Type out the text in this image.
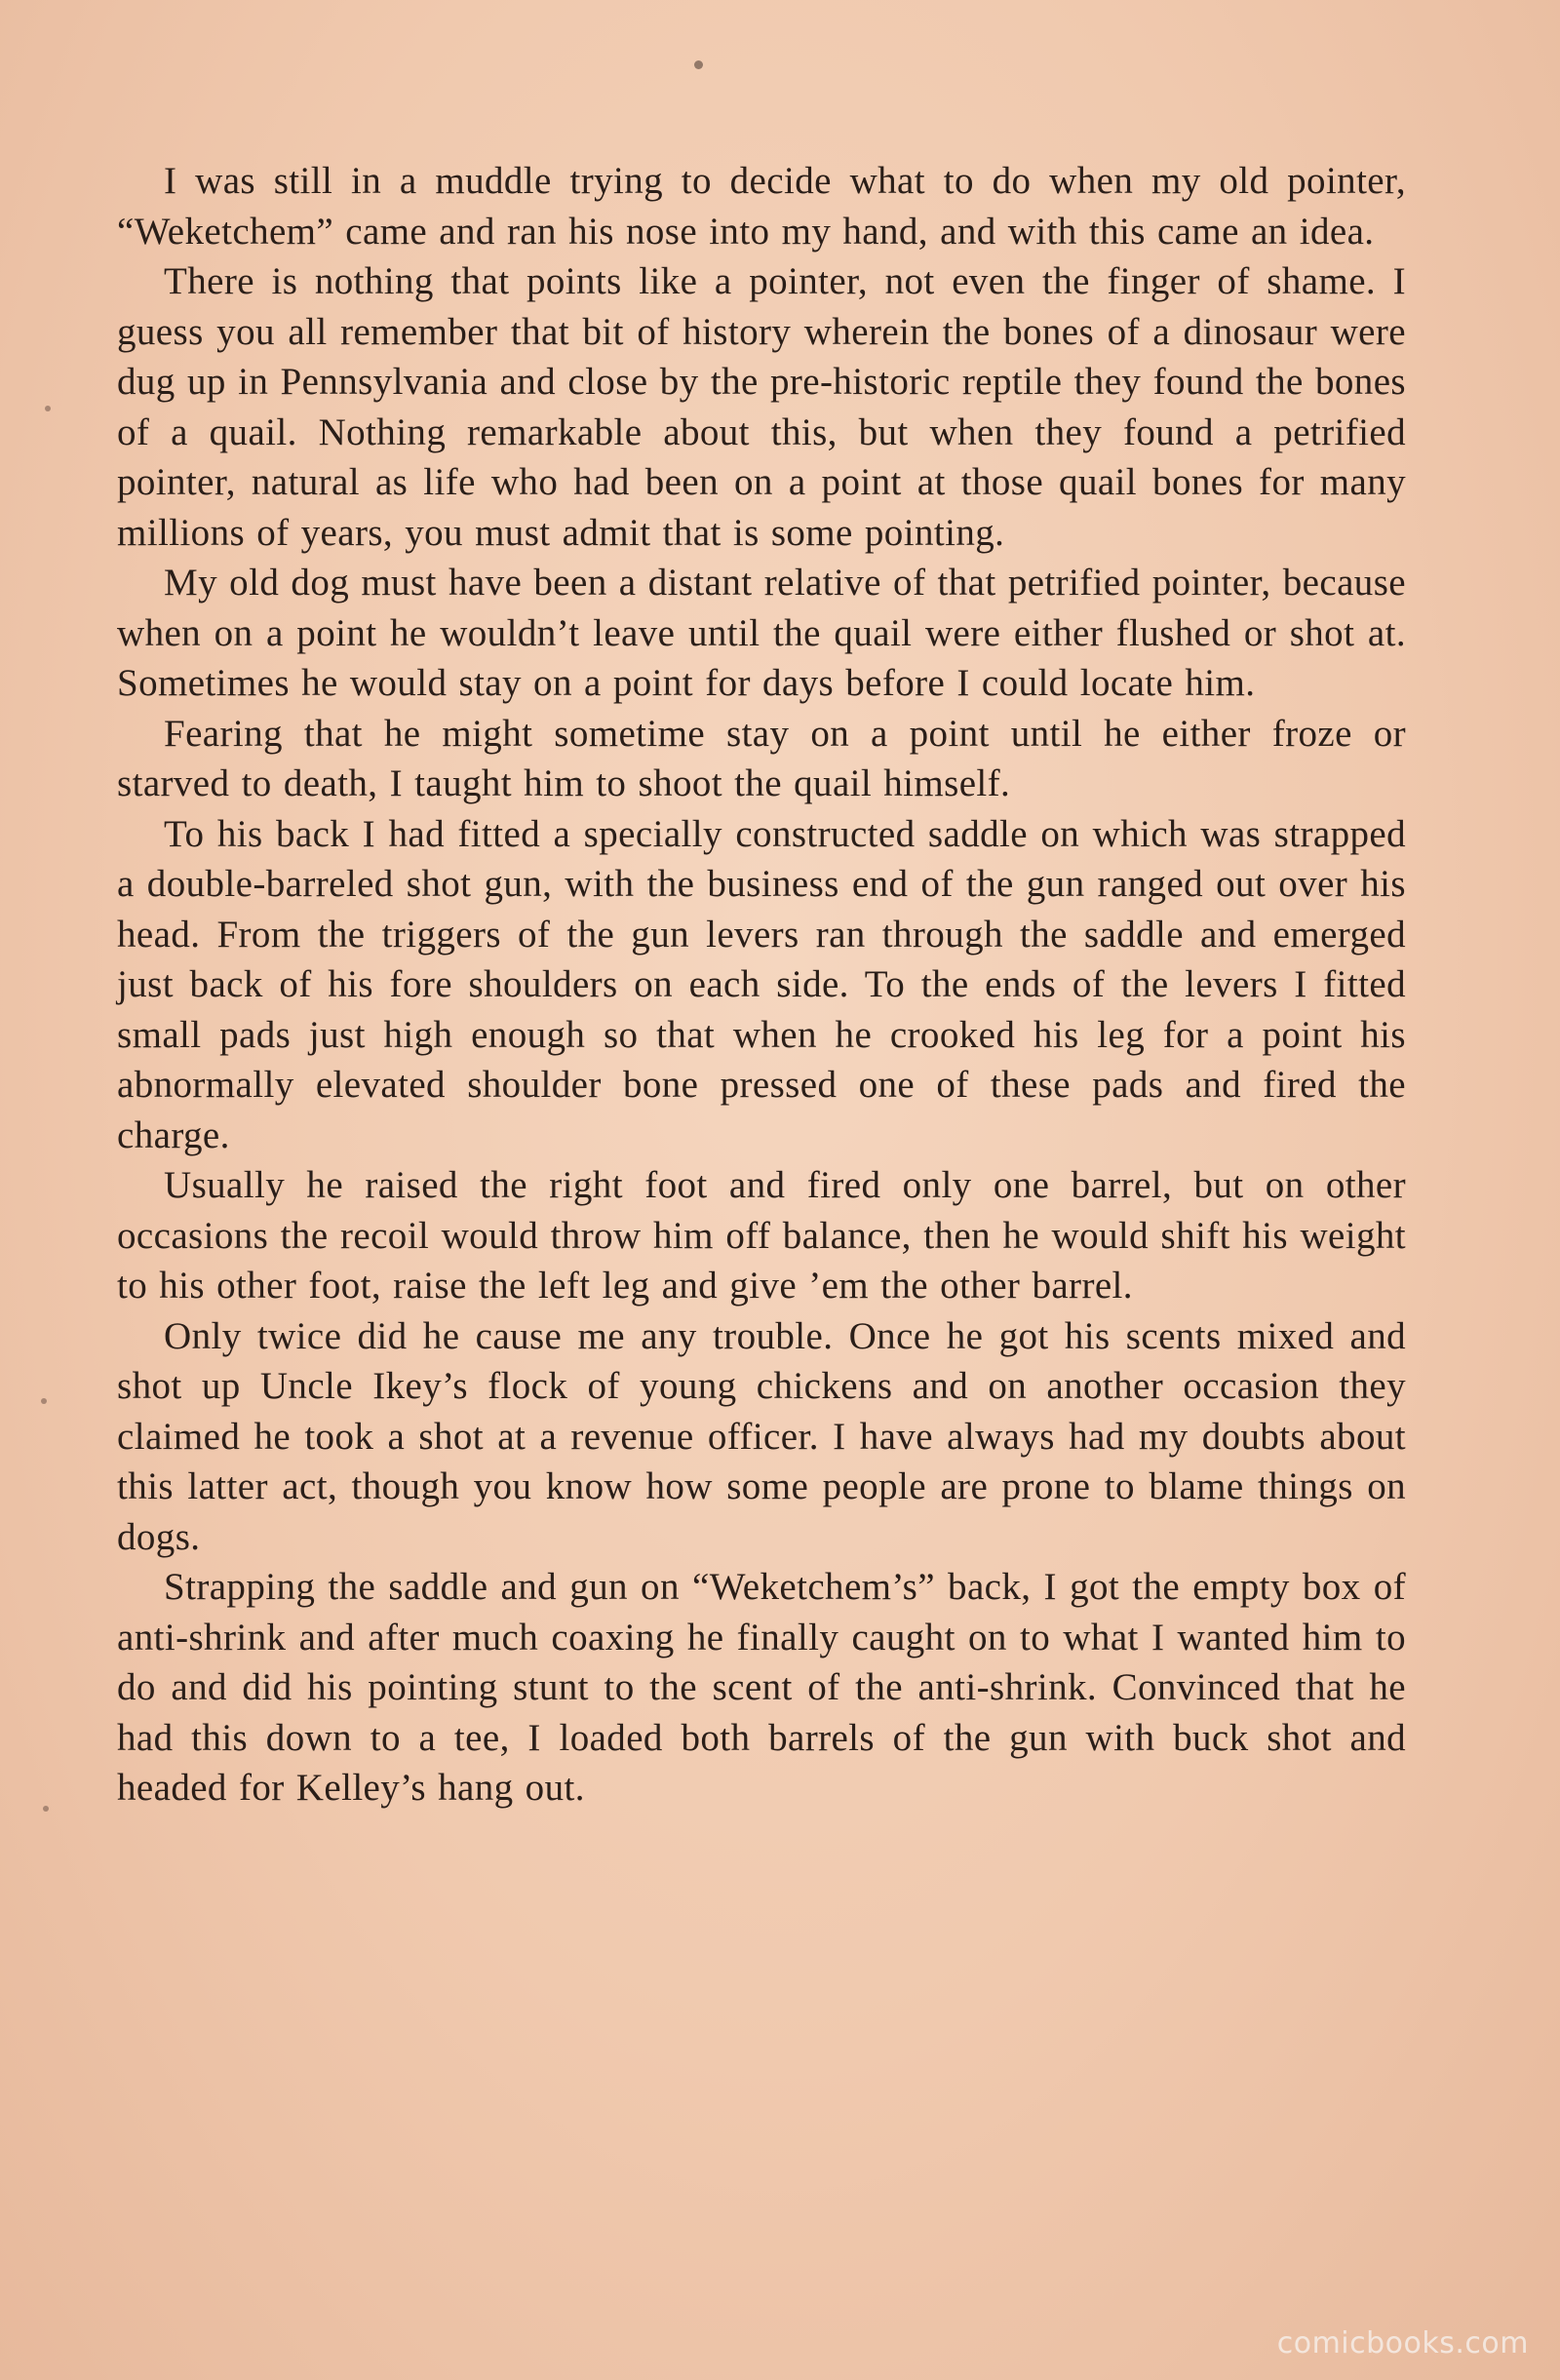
I was still in a muddle trying to decide what to do when my old pointer, “Weketchem” came and ran his nose into my hand, and with this came an idea.

There is nothing that points like a pointer, not even the finger of shame. I guess you all remember that bit of history wherein the bones of a dinosaur were dug up in Pennsylvania and close by the pre-historic reptile they found the bones of a quail. Nothing remarkable about this, but when they found a petrified pointer, natural as life who had been on a point at those quail bones for many millions of years, you must admit that is some pointing.

My old dog must have been a distant relative of that petrified pointer, because when on a point he wouldn’t leave until the quail were either flushed or shot at. Sometimes he would stay on a point for days before I could locate him.

Fearing that he might sometime stay on a point until he either froze or starved to death, I taught him to shoot the quail himself.

To his back I had fitted a specially constructed saddle on which was strapped a double-barreled shot gun, with the business end of the gun ranged out over his head. From the triggers of the gun levers ran through the saddle and emerged just back of his fore shoulders on each side. To the ends of the levers I fitted small pads just high enough so that when he crooked his leg for a point his abnormally elevated shoulder bone pressed one of these pads and fired the charge.

Usually he raised the right foot and fired only one barrel, but on other occasions the recoil would throw him off balance, then he would shift his weight to his other foot, raise the left leg and give ’em the other barrel.

Only twice did he cause me any trouble. Once he got his scents mixed and shot up Uncle Ikey’s flock of young chickens and on another occasion they claimed he took a shot at a revenue officer. I have always had my doubts about this latter act, though you know how some people are prone to blame things on dogs.

Strapping the saddle and gun on “Weketchem’s” back, I got the empty box of anti-shrink and after much coaxing he finally caught on to what I wanted him to do and did his pointing stunt to the scent of the anti-shrink. Convinced that he had this down to a tee, I loaded both barrels of the gun with buck shot and headed for Kelley’s hang out.

comicbooks.com
